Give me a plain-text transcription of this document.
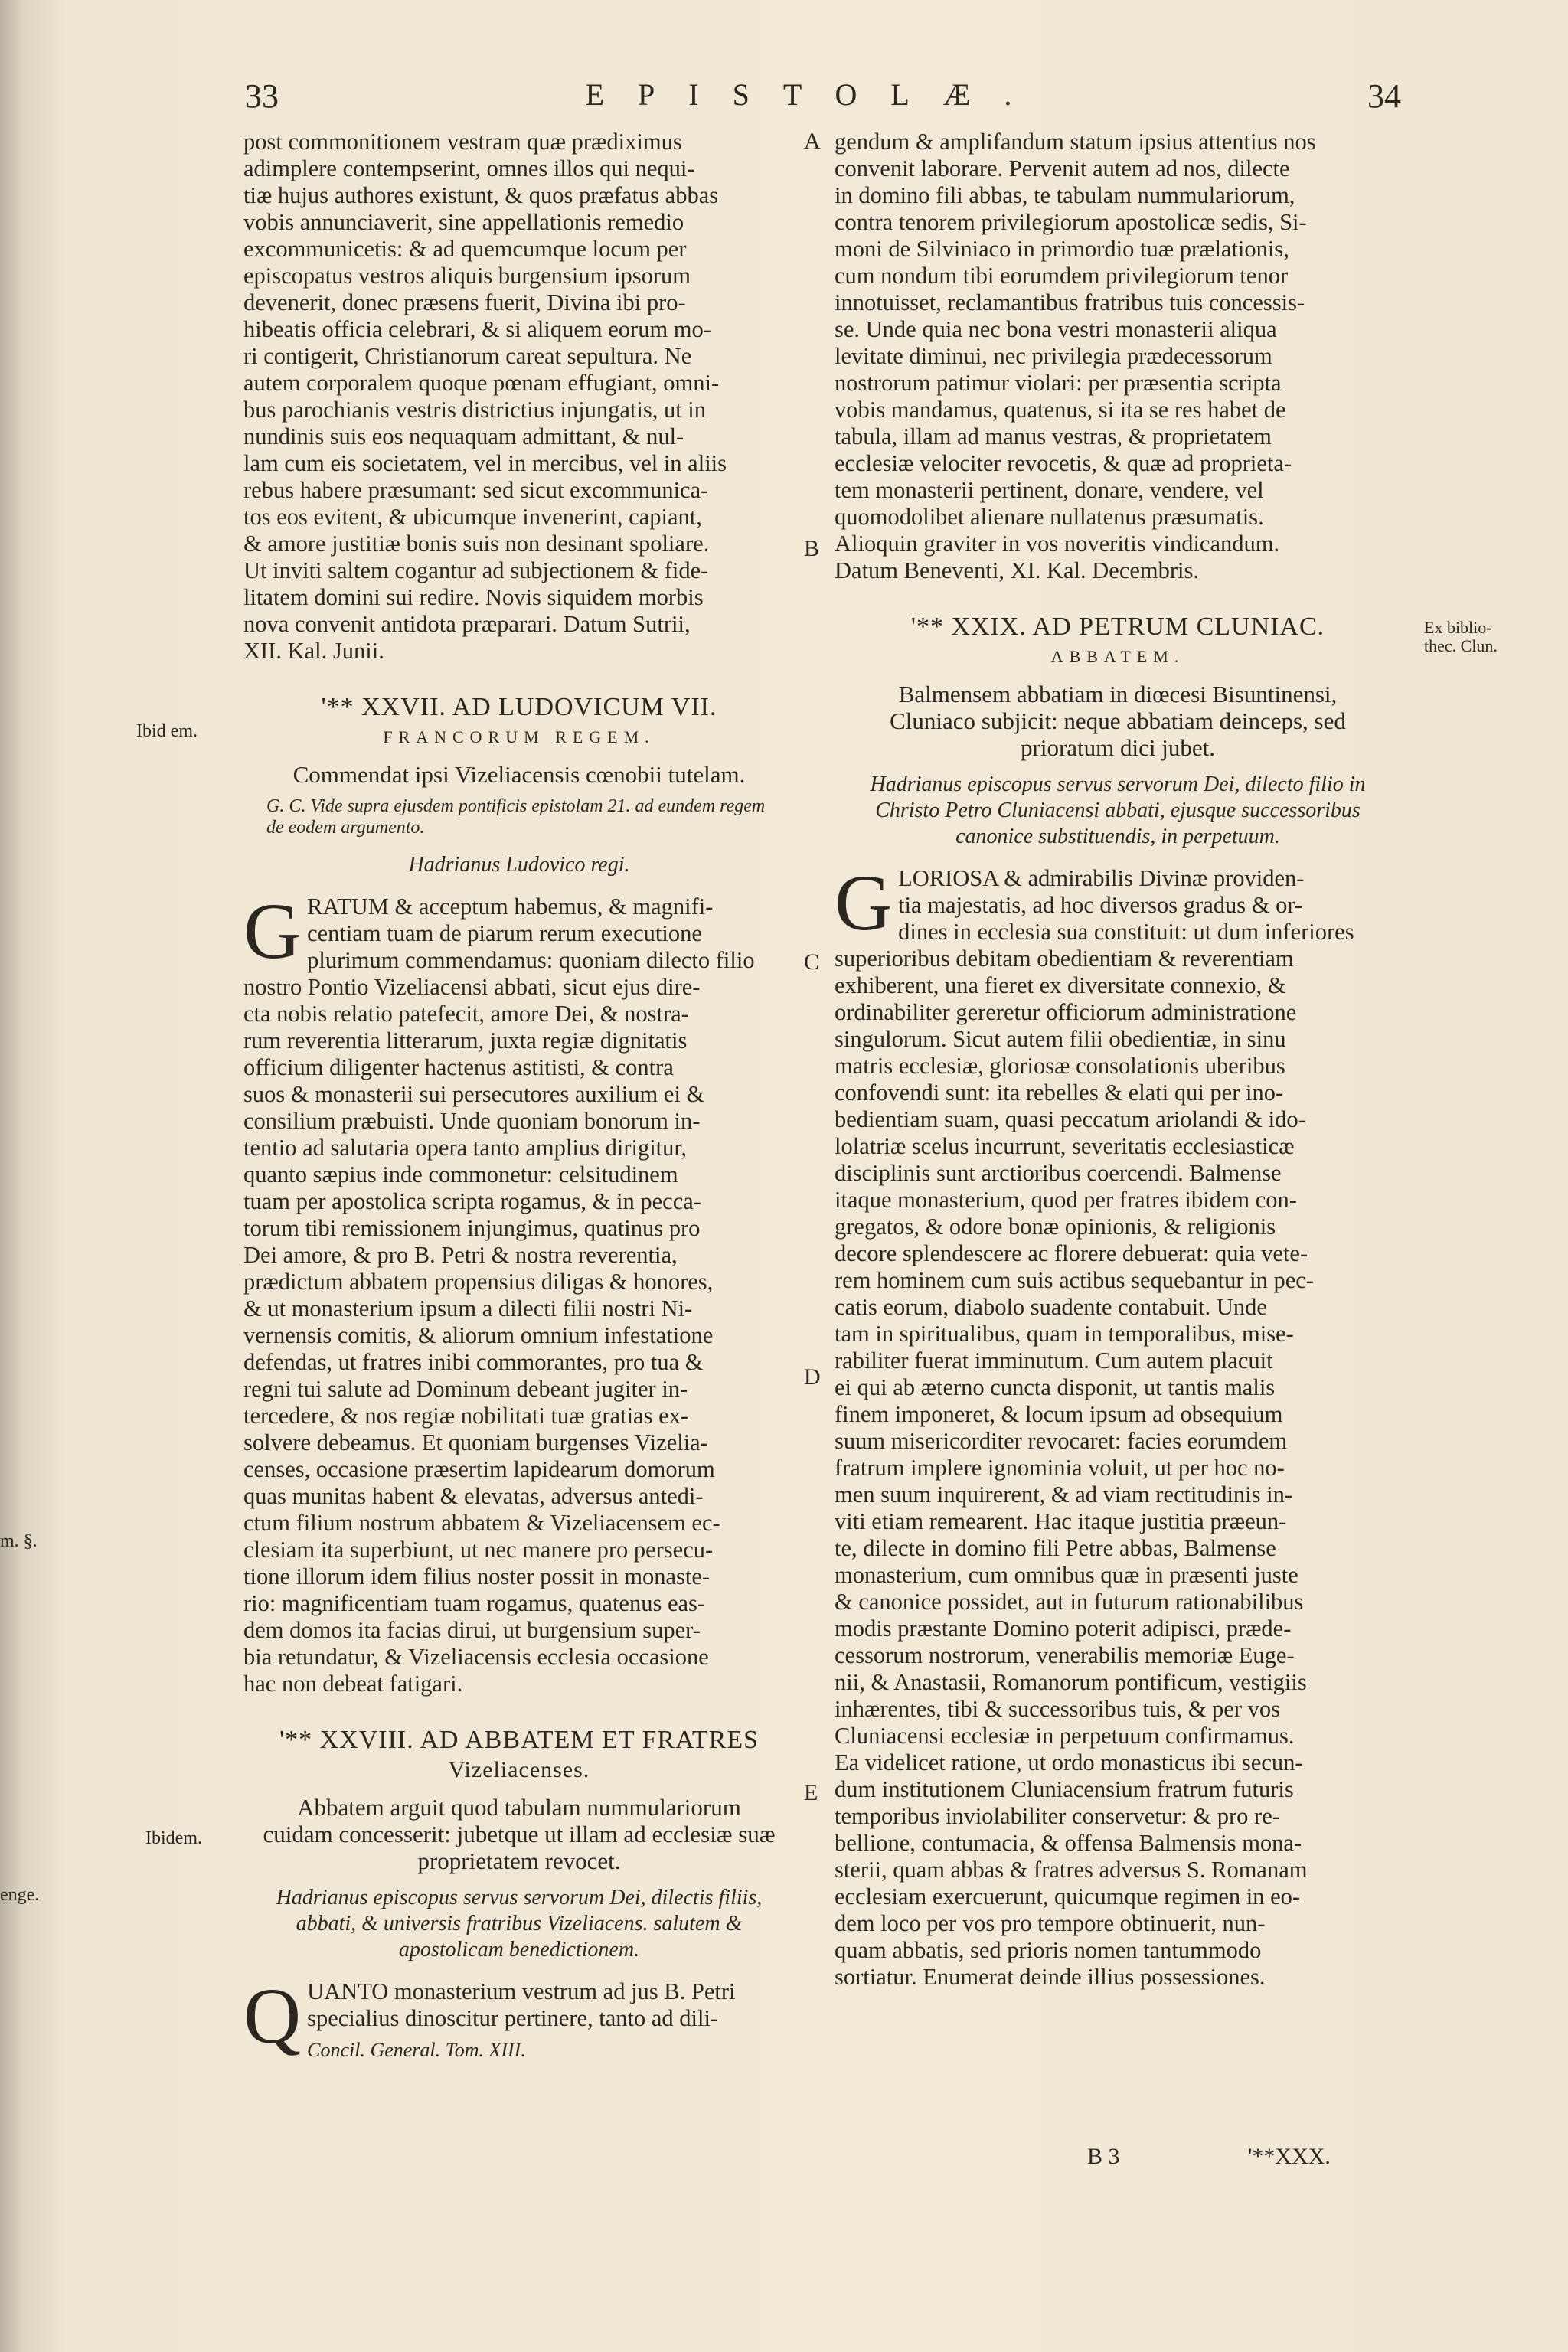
33	EPISTOLÆ.	34
Ibid em.
Ibidem.
m. §.
enge.
Ex biblio-
thec. Clun.
A
B
C
D
E

post commonitionem vestram quæ prædiximus

adimplere contempserint, omnes illos qui nequi-

tiæ hujus authores existunt, & quos præfatus abbas

vobis annunciaverit, sine appellationis remedio

excommunicetis: & ad quemcumque locum per

episcopatus vestros aliquis burgensium ipsorum

devenerit, donec præsens fuerit, Divina ibi pro-

hibeatis officia celebrari, & si aliquem eorum mo-

ri contigerit, Christianorum careat sepultura. Ne

autem corporalem quoque pœnam effugiant, omni-

bus parochianis vestris districtius injungatis, ut in

nundinis suis eos nequaquam admittant, & nul-

lam cum eis societatem, vel in mercibus, vel in aliis

rebus habere præsumant: sed sicut excommunica-

tos eos evitent, & ubicumque invenerint, capiant,

& amore justitiæ bonis suis non desinant spoliare.

Ut inviti saltem cogantur ad subjectionem & fide-

litatem domini sui redire. Novis siquidem morbis

nova convenit antidota præparari. Datum Sutrii,

XII. Kal. Junii.

'** XXVII. AD LUDOVICUM VII.
FRANCORUM REGEM.
Commendat ipsi Vizeliacensis cœnobii tutelam.
G. C. Vide supra ejusdem pontificis epistolam 21. ad eundem regem de eodem argumento.
Hadrianus Ludovico regi.
G RATUM & acceptum habemus, & magnifi-

centiam tuam de piarum rerum executione

plurimum commendamus: quoniam dilecto filio

nostro Pontio Vizeliacensi abbati, sicut ejus dire-

cta nobis relatio patefecit, amore Dei, & nostra-

rum reverentia litterarum, juxta regiæ dignitatis

officium diligenter hactenus astitisti, & contra

suos & monasterii sui persecutores auxilium ei &

consilium præbuisti. Unde quoniam bonorum in-

tentio ad salutaria opera tanto amplius dirigitur,

quanto sæpius inde commonetur: celsitudinem

tuam per apostolica scripta rogamus, & in pecca-

torum tibi remissionem injungimus, quatinus pro

Dei amore, & pro B. Petri & nostra reverentia,

prædictum abbatem propensius diligas & honores,

& ut monasterium ipsum a dilecti filii nostri Ni-

vernensis comitis, & aliorum omnium infestatione

defendas, ut fratres inibi commorantes, pro tua &

regni tui salute ad Dominum debeant jugiter in-

tercedere, & nos regiæ nobilitati tuæ gratias ex-

solvere debeamus. Et quoniam burgenses Vizelia-

censes, occasione præsertim lapidearum domorum

quas munitas habent & elevatas, adversus antedi-

ctum filium nostrum abbatem & Vizeliacensem ec-

clesiam ita superbiunt, ut nec manere pro persecu-

tione illorum idem filius noster possit in monaste-

rio: magnificentiam tuam rogamus, quatenus eas-

dem domos ita facias dirui, ut burgensium super-

bia retundatur, & Vizeliacensis ecclesia occasione

hac non debeat fatigari.

'** XXVIII. AD ABBATEM ET FRATRES
Vizeliacenses.
Abbatem arguit quod tabulam nummulariorum cuidam concesserit: jubetque ut illam ad ecclesiæ suæ proprietatem revocet.
Hadrianus episcopus servus servorum Dei, dilectis filiis, abbati, & universis fratribus Vizeliacens. salutem & apostolicam benedictionem.
Q UANTO monasterium vestrum ad jus B. Petri

specialius dinoscitur pertinere, tanto ad dili-

Concil. General. Tom. XIII.

gendum & amplifandum statum ipsius attentius nos

convenit laborare. Pervenit autem ad nos, dilecte

in domino fili abbas, te tabulam nummulariorum,

contra tenorem privilegiorum apostolicæ sedis, Si-

moni de Silviniaco in primordio tuæ prælationis,

cum nondum tibi eorumdem privilegiorum tenor

innotuisset, reclamantibus fratribus tuis concessis-

se. Unde quia nec bona vestri monasterii aliqua

levitate diminui, nec privilegia prædecessorum

nostrorum patimur violari: per præsentia scripta

vobis mandamus, quatenus, si ita se res habet de

tabula, illam ad manus vestras, & proprietatem

ecclesiæ velociter revocetis, & quæ ad proprieta-

tem monasterii pertinent, donare, vendere, vel

quomodolibet alienare nullatenus præsumatis.

Alioquin graviter in vos noveritis vindicandum.

Datum Beneventi, XI. Kal. Decembris.

'** XXIX. AD PETRUM CLUNIAC.
ABBATEM.
Balmensem abbatiam in diœcesi Bisuntinensi, Cluniaco subjicit: neque abbatiam deinceps, sed prioratum dici jubet.
Hadrianus episcopus servus servorum Dei, dilecto filio in Christo Petro Cluniacensi abbati, ejusque successoribus canonice substituendis, in perpetuum.
G LORIOSA & admirabilis Divinæ providen-

tia majestatis, ad hoc diversos gradus & or-

dines in ecclesia sua constituit: ut dum inferiores

superioribus debitam obedientiam & reverentiam

exhiberent, una fieret ex diversitate connexio, &

ordinabiliter gereretur officiorum administratione

singulorum. Sicut autem filii obedientiæ, in sinu

matris ecclesiæ, gloriosæ consolationis uberibus

confovendi sunt: ita rebelles & elati qui per ino-

bedientiam suam, quasi peccatum ariolandi & ido-

lolatriæ scelus incurrunt, severitatis ecclesiasticæ

disciplinis sunt arctioribus coercendi. Balmense

itaque monasterium, quod per fratres ibidem con-

gregatos, & odore bonæ opinionis, & religionis

decore splendescere ac florere debuerat: quia vete-

rem hominem cum suis actibus sequebantur in pec-

catis eorum, diabolo suadente contabuit. Unde

tam in spiritualibus, quam in temporalibus, mise-

rabiliter fuerat imminutum. Cum autem placuit

ei qui ab æterno cuncta disponit, ut tantis malis

finem imponeret, & locum ipsum ad obsequium

suum misericorditer revocaret: facies eorumdem

fratrum implere ignominia voluit, ut per hoc no-

men suum inquirerent, & ad viam rectitudinis in-

viti etiam remearent. Hac itaque justitia præeun-

te, dilecte in domino fili Petre abbas, Balmense

monasterium, cum omnibus quæ in præsenti juste

& canonice possidet, aut in futurum rationabilibus

modis præstante Domino poterit adipisci, præde-

cessorum nostrorum, venerabilis memoriæ Euge-

nii, & Anastasii, Romanorum pontificum, vestigiis

inhærentes, tibi & successoribus tuis, & per vos

Cluniacensi ecclesiæ in perpetuum confirmamus.

Ea videlicet ratione, ut ordo monasticus ibi secun-

dum institutionem Cluniacensium fratrum futuris

temporibus inviolabiliter conservetur: & pro re-

bellione, contumacia, & offensa Balmensis mona-

sterii, quam abbas & fratres adversus S. Romanam

ecclesiam exercuerunt, quicumque regimen in eo-

dem loco per vos pro tempore obtinuerit, nun-

quam abbatis, sed prioris nomen tantummodo

sortiatur. Enumerat deinde illius possessiones.

B 3	'**XXX.
